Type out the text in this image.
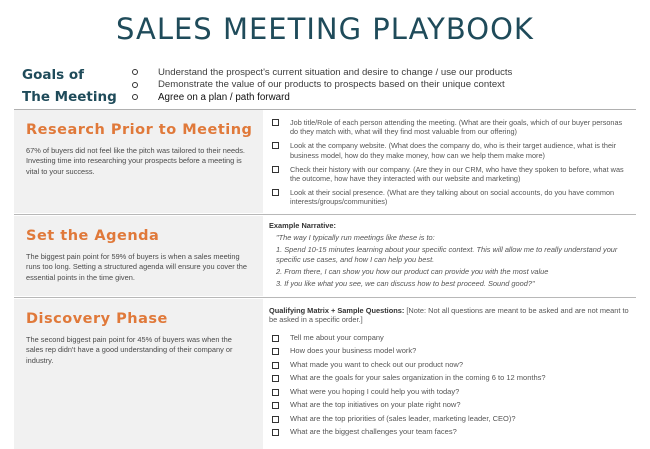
SALES MEETING PLAYBOOK
Goals of
The Meeting
Understand the prospect's current situation and desire to change / use our products
Demonstrate the value of our products to prospects based on their unique context
Agree on a plan / path forward
Research Prior to Meeting
67% of buyers did not feel like the pitch was tailored to their needs. Investing time into researching your prospects before a meeting is vital to your success.
Job title/Role of each person attending the meeting. (What are their goals, which of our buyer personas do they match with, what will they find most valuable from our offering)
Look at the company website. (What does the company do, who is their target audience, what is their business model, how do they make money, how can we help them make more)
Check their history with our company. (Are they in our CRM, who have they spoken to before, what was the outcome, how have they interacted with our website and marketing)
Look at their social presence. (What are they talking about on social accounts, do you have common interests/groups/communities)
Set the Agenda
The biggest pain point for 59% of buyers is when a sales meeting runs too long. Setting a structured agenda will ensure you cover the essential points in the time given.
Example Narrative:
"The way I typically run meetings like these is to:
1. Spend 10-15 minutes learning about your specific context. This will allow me to really understand your specific use cases, and how I can help you best.
2. From there, I can show you how our product can provide you with the most value
3. If you like what you see, we can discuss how to best proceed. Sound good?"
Discovery Phase
The second biggest pain point for 45% of buyers was when the sales rep didn't have a good understanding of their company or industry.
Qualifying Matrix + Sample Questions: [Note: Not all questions are meant to be asked and are not meant to be asked in a specific order.]
Tell me about your company
How does your business model work?
What made you want to check out our product now?
What are the goals for your sales organization in the coming 6 to 12 months?
What were you hoping I could help you with today?
What are the top initiatives on your plate right now?
What are the top priorities of (sales leader, marketing leader, CEO)?
What are the biggest challenges your team faces?
